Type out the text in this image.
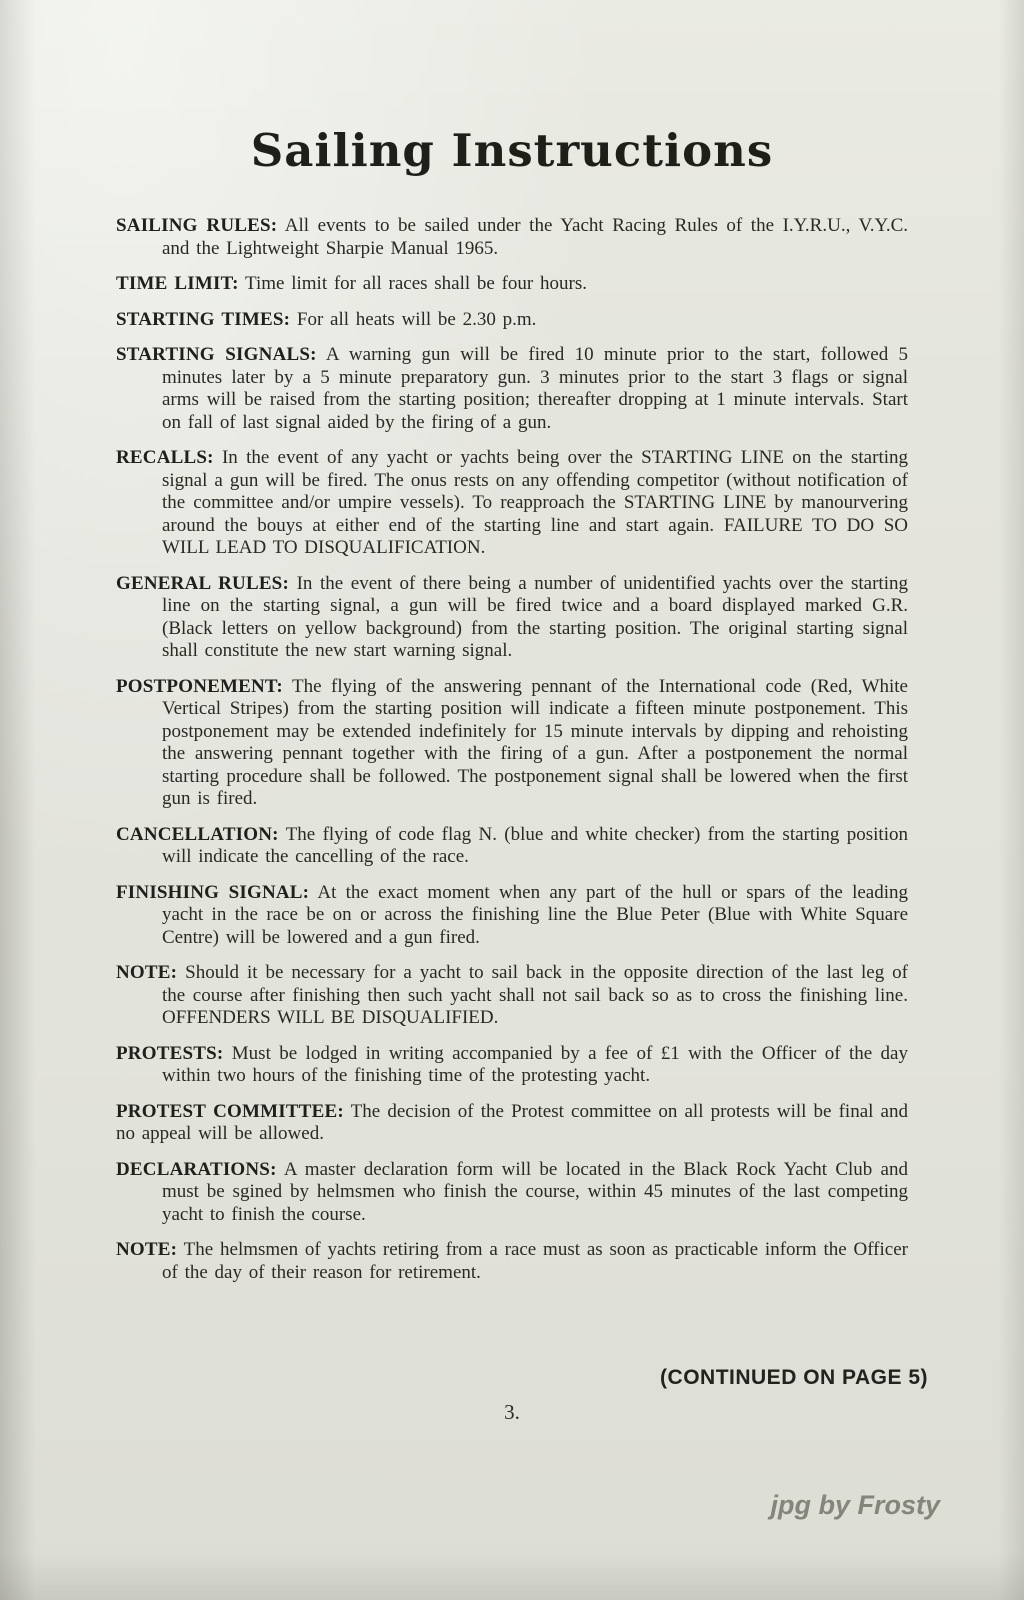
Sailing Instructions

SAILING RULES: All events to be sailed under the Yacht Racing Rules of the I.Y.R.U., V.Y.C. and the Lightweight Sharpie Manual 1965.

TIME LIMIT: Time limit for all races shall be four hours.

STARTING TIMES: For all heats will be 2.30 p.m.

STARTING SIGNALS: A warning gun will be fired 10 minute prior to the start, followed 5 minutes later by a 5 minute preparatory gun. 3 minutes prior to the start 3 flags or signal arms will be raised from the starting position; thereafter dropping at 1 minute intervals. Start on fall of last signal aided by the firing of a gun.

RECALLS: In the event of any yacht or yachts being over the STARTING LINE on the starting signal a gun will be fired. The onus rests on any offending competitor (without notification of the committee and/or umpire vessels). To reapproach the STARTING LINE by manourvering around the bouys at either end of the starting line and start again. FAILURE TO DO SO WILL LEAD TO DISQUALIFICATION.

GENERAL RULES: In the event of there being a number of unidentified yachts over the starting line on the starting signal, a gun will be fired twice and a board displayed marked G.R. (Black letters on yellow background) from the starting position. The original starting signal shall constitute the new start warning signal.

POSTPONEMENT: The flying of the answering pennant of the International code (Red, White Vertical Stripes) from the starting position will indicate a fifteen minute postponement. This postponement may be extended indefinitely for 15 minute intervals by dipping and rehoisting the answering pennant together with the firing of a gun. After a postponement the normal starting procedure shall be followed. The postponement signal shall be lowered when the first gun is fired.

CANCELLATION: The flying of code flag N. (blue and white checker) from the starting position will indicate the cancelling of the race.

FINISHING SIGNAL: At the exact moment when any part of the hull or spars of the leading yacht in the race be on or across the finishing line the Blue Peter (Blue with White Square Centre) will be lowered and a gun fired.

NOTE: Should it be necessary for a yacht to sail back in the opposite direction of the last leg of the course after finishing then such yacht shall not sail back so as to cross the finishing line. OFFENDERS WILL BE DISQUALIFIED.

PROTESTS: Must be lodged in writing accompanied by a fee of £1 with the Officer of the day within two hours of the finishing time of the protesting yacht.

PROTEST COMMITTEE: The decision of the Protest committee on all protests will be final and no appeal will be allowed.

DECLARATIONS: A master declaration form will be located in the Black Rock Yacht Club and must be sgined by helmsmen who finish the course, within 45 minutes of the last competing yacht to finish the course.

NOTE: The helmsmen of yachts retiring from a race must as soon as practicable inform the Officer of the day of their reason for retirement.

(CONTINUED ON PAGE 5)
3.
jpg by Frosty
